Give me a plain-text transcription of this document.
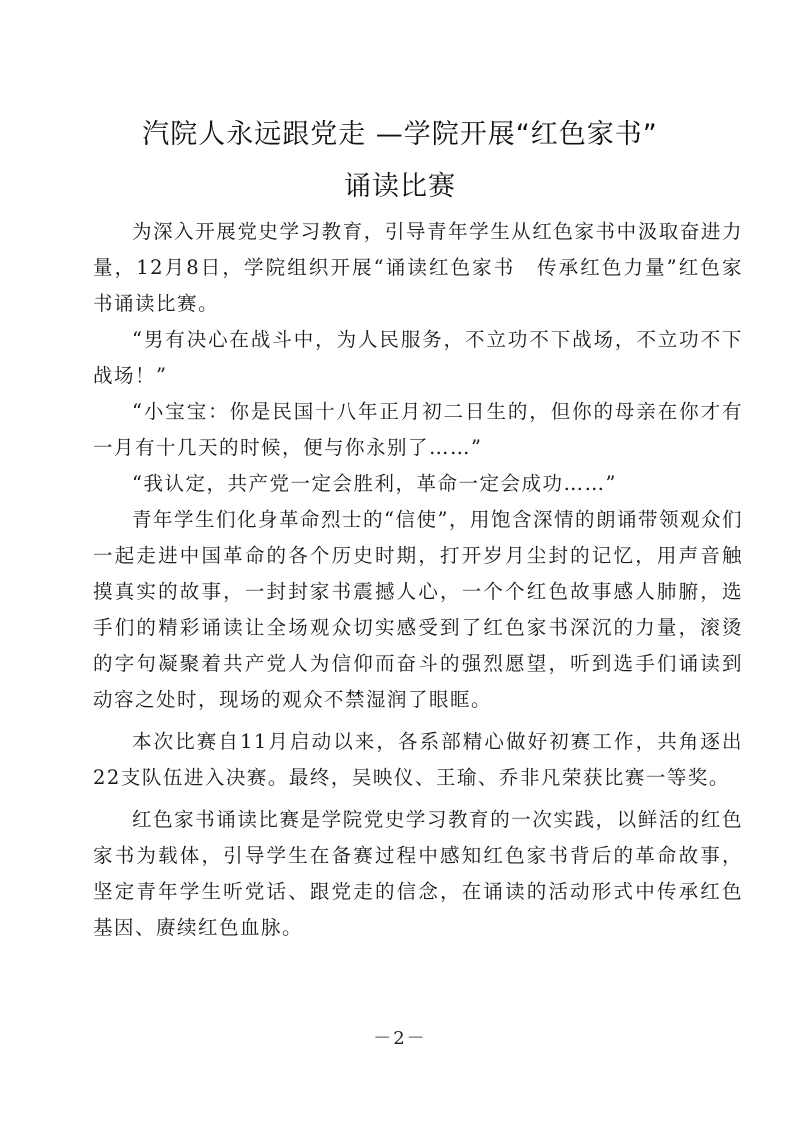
汽院人永远跟党走 —学院开展“红色家书”
诵读比赛

为深入开展党史学习教育，引导青年学生从红色家书中汲取奋进力量，12月8日，学院组织开展“诵读红色家书　传承红色力量”红色家书诵读比赛。

“男有决心在战斗中，为人民服务，不立功不下战场，不立功不下战场！”

“小宝宝：你是民国十八年正月初二日生的，但你的母亲在你才有一月有十几天的时候，便与你永别了……”

“我认定，共产党一定会胜利，革命一定会成功……”

青年学生们化身革命烈士的“信使”，用饱含深情的朗诵带领观众们一起走进中国革命的各个历史时期，打开岁月尘封的记忆，用声音触摸真实的故事，一封封家书震撼人心，一个个红色故事感人肺腑，选手们的精彩诵读让全场观众切实感受到了红色家书深沉的力量，滚烫的字句凝聚着共产党人为信仰而奋斗的强烈愿望，听到选手们诵读到动容之处时，现场的观众不禁湿润了眼眶。

本次比赛自11月启动以来，各系部精心做好初赛工作，共角逐出22支队伍进入决赛。最终，吴映仪、王瑜、乔非凡荣获比赛一等奖。

红色家书诵读比赛是学院党史学习教育的一次实践，以鲜活的红色家书为载体，引导学生在备赛过程中感知红色家书背后的革命故事，坚定青年学生听党话、跟党走的信念，在诵读的活动形式中传承红色基因、赓续红色血脉。

－2－
